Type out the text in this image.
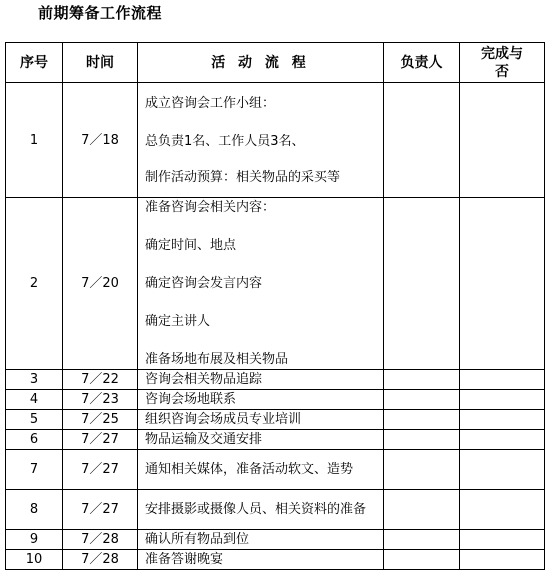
前期筹备工作流程
序号	时间	活 动 流 程	负责人	完成与否
1	7／18	成立咨询会工作小组：
总负责1名、工作人员3名、
制作活动预算：相关物品的采买等		

2	7／20	准备咨询会相关内容：
确定时间、地点
确定咨询会发言内容
确定主讲人
准备场地布展及相关物品		

3	7／22	咨询会相关物品追踪		
4	7／23	咨询会场地联系		
5	7／25	组织咨询会场成员专业培训		
6	7／27	物品运输及交通安排		
7	7／27	通知相关媒体，准备活动软文、造势		
8	7／27	安排摄影或摄像人员、相关资料的准备		
9	7／28	确认所有物品到位		
10	7／28	准备答谢晚宴		
